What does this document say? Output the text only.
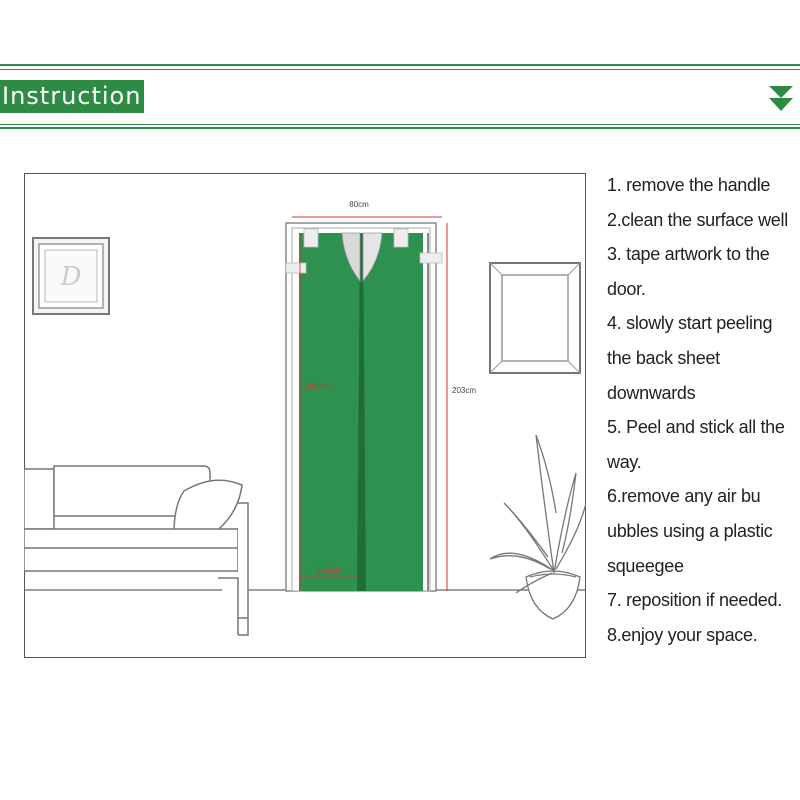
Instruction
D
80cm
203cm
200cm
38.5cm

1. remove the handle

2.clean the surface well

3. tape artwork to the

door.

4. slowly start peeling

the back sheet

downwards

5. Peel and stick all the

way.

6.remove any air bu

ubbles using a plastic

squeegee

7. reposition if needed.

8.enjoy your space.
